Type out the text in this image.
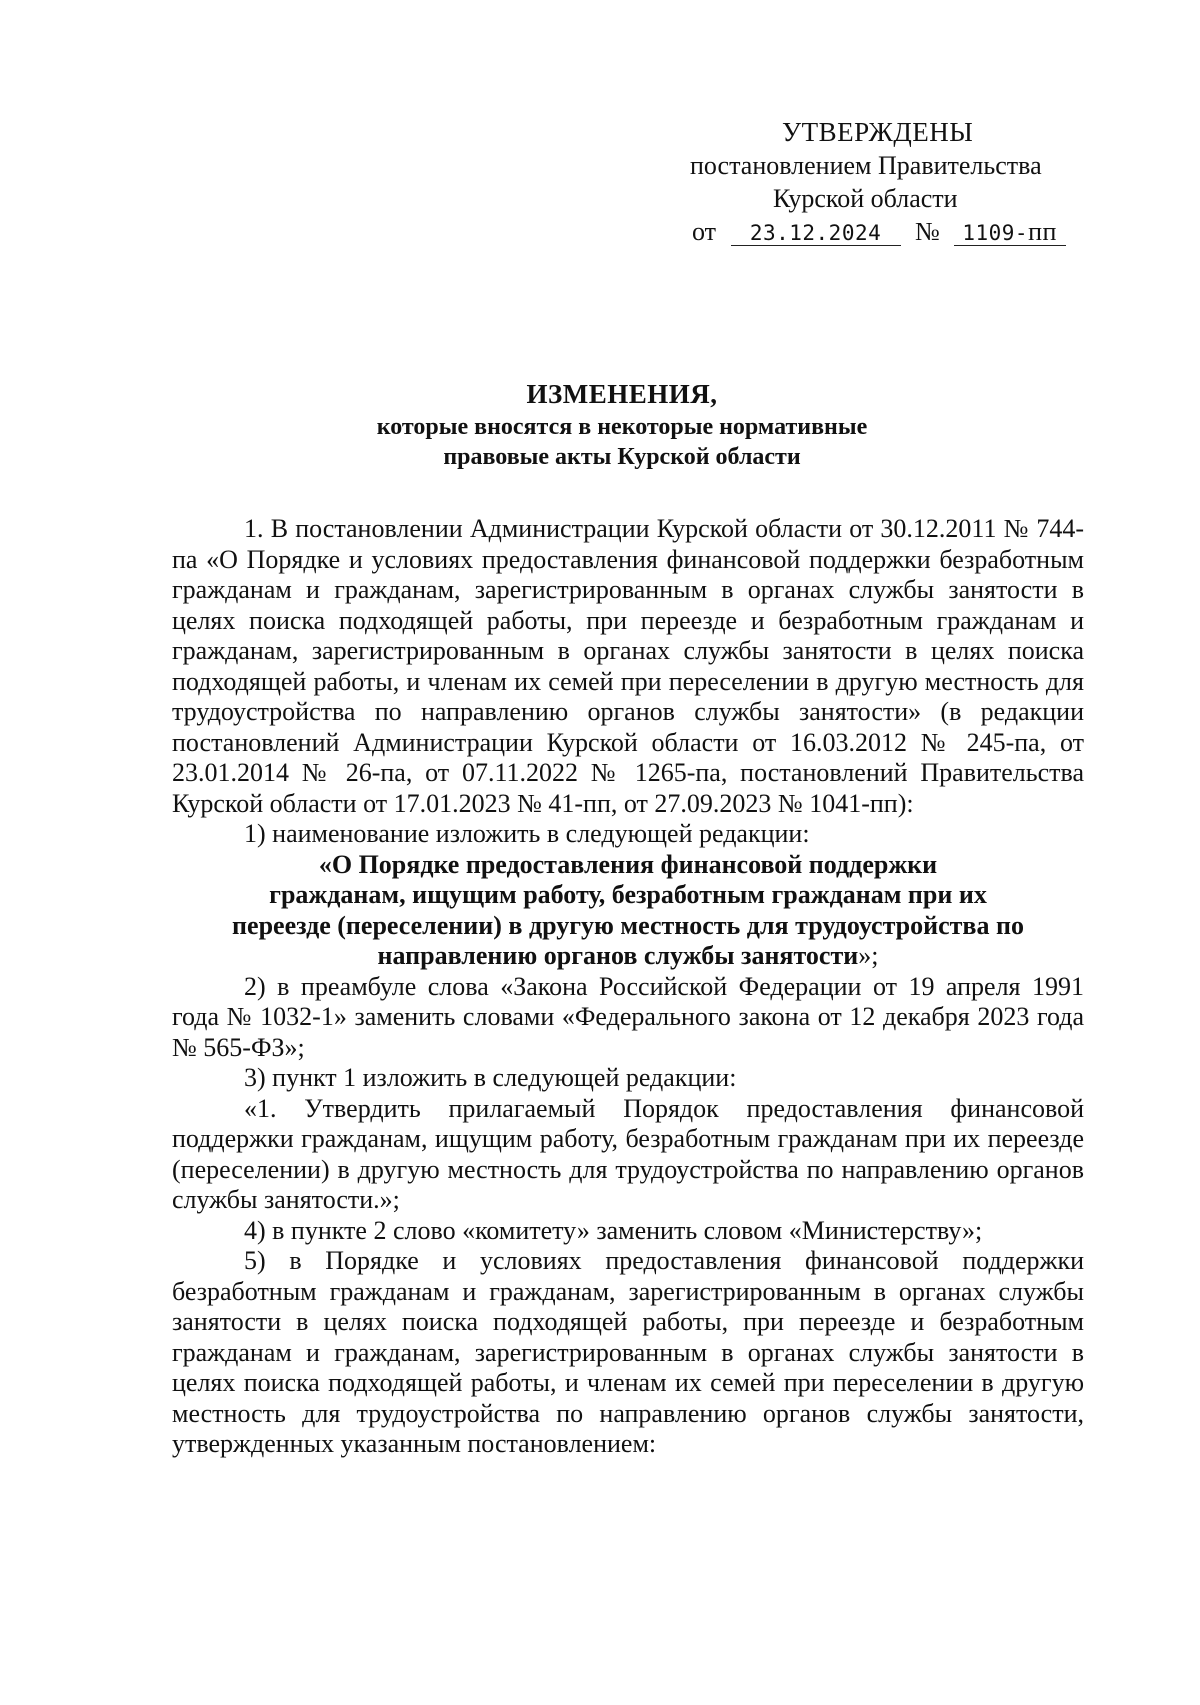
УТВЕРЖДЕНЫ
постановлением Правительства
Курской области
от 23.12.2024 № 1109-пп
ИЗМЕНЕНИЯ,
которые вносятся в некоторые нормативные
правовые акты Курской области

1. В постановлении Администрации Курской области от 30.12.2011 № 744-па «О Порядке и условиях предоставления финансовой поддержки безработным гражданам и гражданам, зарегистрированным в органах службы занятости в целях поиска подходящей работы, при переезде и безработным гражданам и гражданам, зарегистрированным в органах службы занятости в целях поиска подходящей работы, и членам их семей при переселении в другую местность для трудоустройства по направлению органов службы занятости» (в редакции постановлений Администрации Курской области от 16.03.2012 № 245-па, от 23.01.2014 № 26-па, от 07.11.2022 № 1265-па, постановлений Правительства Курской области от 17.01.2023 № 41-пп, от 27.09.2023 № 1041-пп):

1) наименование изложить в следующей редакции:

«О Порядке предоставления финансовой поддержки

гражданам, ищущим работу, безработным гражданам при их

переезде (переселении) в другую местность для трудоустройства по

направлению органов службы занятости»;

2) в преамбуле слова «Закона Российской Федерации от 19 апреля 1991 года № 1032-1» заменить словами «Федерального закона от 12 декабря 2023 года № 565-ФЗ»;

3) пункт 1 изложить в следующей редакции:

«1. Утвердить прилагаемый Порядок предоставления финансовой поддержки гражданам, ищущим работу, безработным гражданам при их переезде (переселении) в другую местность для трудоустройства по направлению органов службы занятости.»;

4) в пункте 2 слово «комитету» заменить словом «Министерству»;

5) в Порядке и условиях предоставления финансовой поддержки безработным гражданам и гражданам, зарегистрированным в органах службы занятости в целях поиска подходящей работы, при переезде и безработным гражданам и гражданам, зарегистрированным в органах службы занятости в целях поиска подходящей работы, и членам их семей при переселении в другую местность для трудоустройства по направлению органов службы занятости, утвержденных указанным постановлением:
